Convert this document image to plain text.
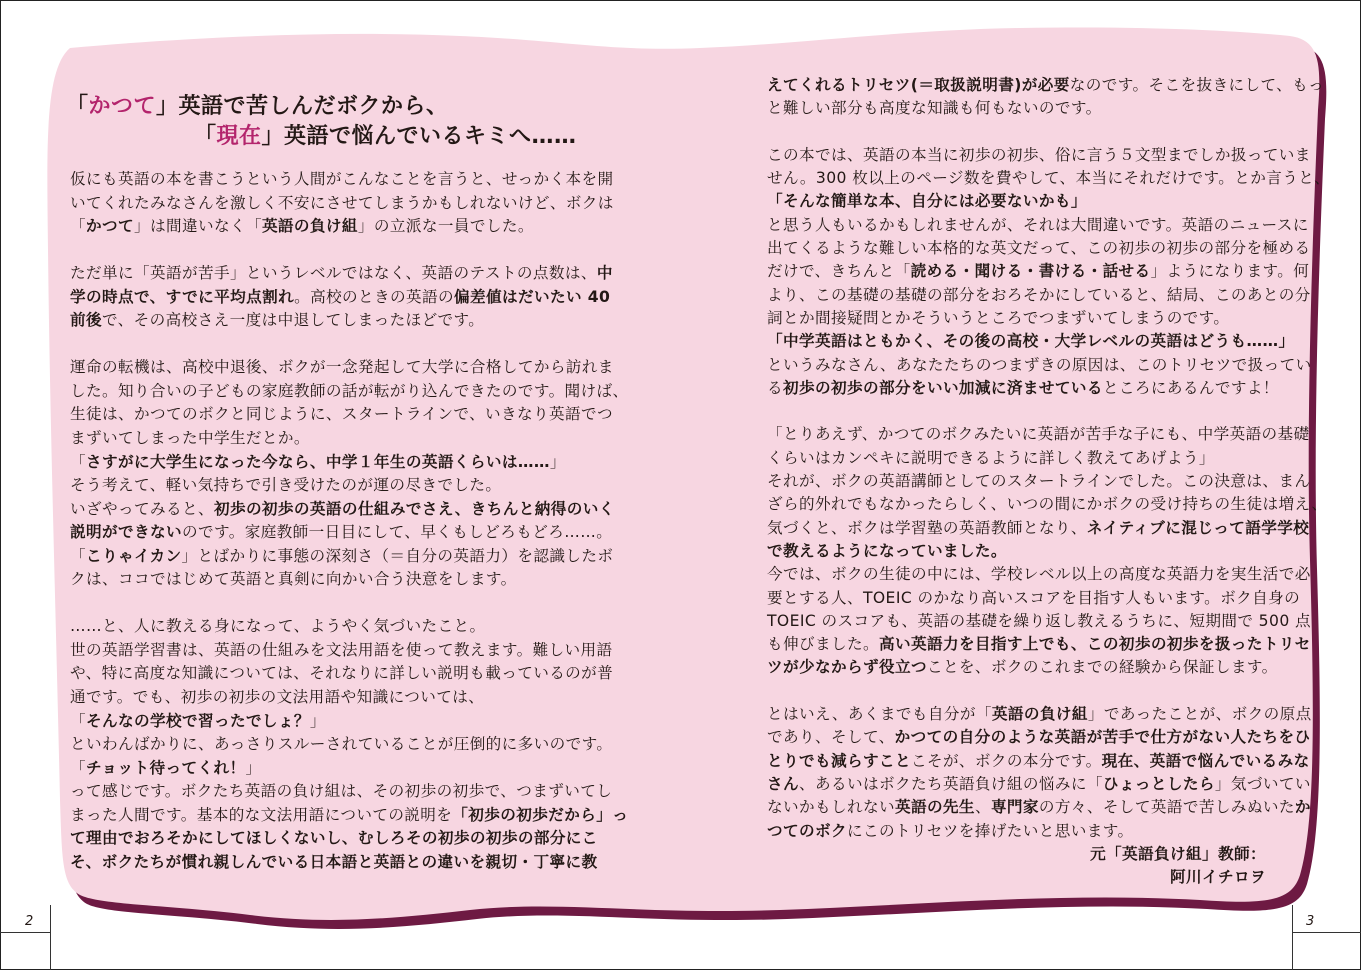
「かつて」英語で苦しんだボクから、
「現在」英語で悩んでいるキミへ……
仮にも英語の本を書こうという人間がこんなことを言うと、せっかく本を開
いてくれたみなさんを激しく不安にさせてしまうかもしれないけど、ボクは
「かつて」は間違いなく「英語の負け組」の立派な一員でした。

ただ単に「英語が苦手」というレベルではなく、英語のテストの点数は、中
学の時点で、すでに平均点割れ。高校のときの英語の偏差値はだいたい 40
前後で、その高校さえ一度は中退してしまったほどです。

運命の転機は、高校中退後、ボクが一念発起して大学に合格してから訪れま
した。知り合いの子どもの家庭教師の話が転がり込んできたのです。聞けば、
生徒は、かつてのボクと同じように、スタートラインで、いきなり英語でつ
まずいてしまった中学生だとか。
「さすがに大学生になった今なら、中学１年生の英語くらいは……」
そう考えて、軽い気持ちで引き受けたのが運の尽きでした。
いざやってみると、初歩の初歩の英語の仕組みでさえ、きちんと納得のいく
説明ができないのです。家庭教師一日目にして、早くもしどろもどろ……。
「こりゃイカン」とばかりに事態の深刻さ（＝自分の英語力）を認識したボ
クは、ココではじめて英語と真剣に向かい合う決意をします。

……と、人に教える身になって、ようやく気づいたこと。
世の英語学習書は、英語の仕組みを文法用語を使って教えます。難しい用語
や、特に高度な知識については、それなりに詳しい説明も載っているのが普
通です。でも、初歩の初歩の文法用語や知識については、
「そんなの学校で習ったでしょ？」
といわんばかりに、あっさりスルーされていることが圧倒的に多いのです。
「チョット待ってくれ！」
って感じです。ボクたち英語の負け組は、その初歩の初歩で、つまずいてし
まった人間です。基本的な文法用語についての説明を「初歩の初歩だから」っ
て理由でおろそかにしてほしくないし、むしろその初歩の初歩の部分にこ
そ、ボクたちが慣れ親しんでいる日本語と英語との違いを親切・丁寧に教
えてくれるトリセツ(＝取扱説明書)が必要なのです。そこを抜きにして、もっ
と難しい部分も高度な知識も何もないのです。

この本では、英語の本当に初歩の初歩、俗に言う５文型までしか扱っていま
せん。300 枚以上のページ数を費やして、本当にそれだけです。とか言うと、
「そんな簡単な本、自分には必要ないかも」
と思う人もいるかもしれませんが、それは大間違いです。英語のニュースに
出てくるような難しい本格的な英文だって、この初歩の初歩の部分を極める
だけで、きちんと「読める・聞ける・書ける・話せる」ようになります。何
より、この基礎の基礎の部分をおろそかにしていると、結局、このあとの分
詞とか間接疑問とかそういうところでつまずいてしまうのです。
「中学英語はともかく、その後の高校・大学レベルの英語はどうも……」
というみなさん、あなたたちのつまずきの原因は、このトリセツで扱ってい
る初歩の初歩の部分をいい加減に済ませているところにあるんですよ！

「とりあえず、かつてのボクみたいに英語が苦手な子にも、中学英語の基礎
くらいはカンペキに説明できるように詳しく教えてあげよう」
それが、ボクの英語講師としてのスタートラインでした。この決意は、まん
ざら的外れでもなかったらしく、いつの間にかボクの受け持ちの生徒は増え、
気づくと、ボクは学習塾の英語教師となり、ネイティブに混じって語学学校
で教えるようになっていました。
今では、ボクの生徒の中には、学校レベル以上の高度な英語力を実生活で必
要とする人、TOEIC のかなり高いスコアを目指す人もいます。ボク自身の
TOEIC のスコアも、英語の基礎を繰り返し教えるうちに、短期間で 500 点
も伸びました。高い英語力を目指す上でも、この初歩の初歩を扱ったトリセ
ツが少なからず役立つことを、ボクのこれまでの経験から保証します。

とはいえ、あくまでも自分が「英語の負け組」であったことが、ボクの原点
であり、そして、かつての自分のような英語が苦手で仕方がない人たちをひ
とりでも減らすことこそが、ボクの本分です。現在、英語で悩んでいるみな
さん、あるいはボクたち英語負け組の悩みに「ひょっとしたら」気づいてい
ないかもしれない英語の先生、専門家の方々、そして英語で苦しみぬいたか
つてのボクにこのトリセツを捧げたいと思います。
元「英語負け組」教師：
阿川イチロヲ
2	3
